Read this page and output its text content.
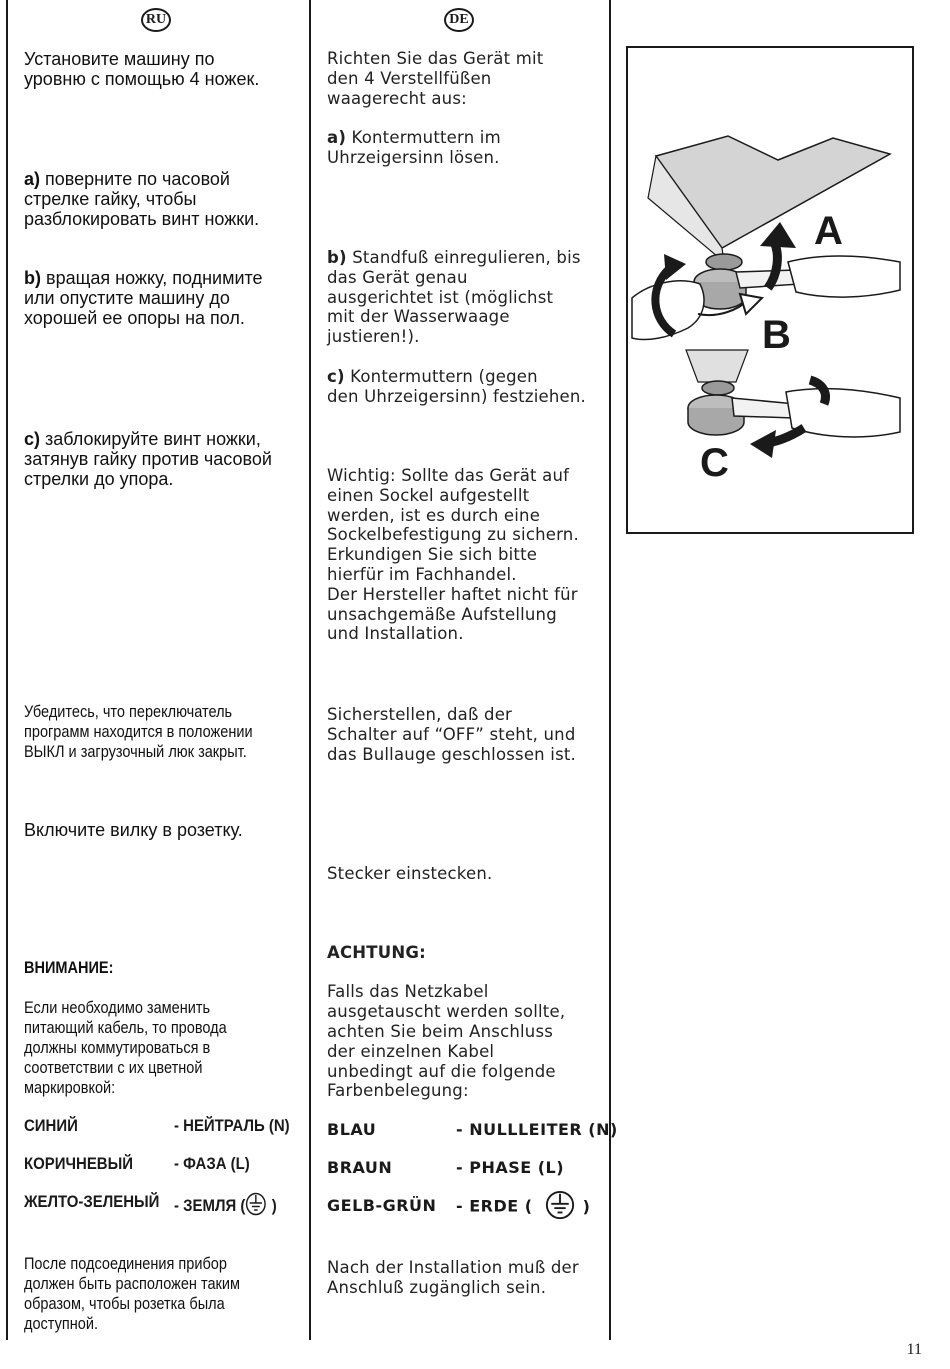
RU	DE
Установите машину по
уровню с помощью 4 ножек.
a) поверните по часовой
стрелке гайку, чтобы
разблокировать винт ножки.
b) вращая ножку, поднимите
или опустите машину до
хорошей ее опоры на пол.
c) заблокируйте винт ножки,
затянув гайку против часовой
стрелки до упора.
Убедитесь, что переключатель
программ находится в положении
ВЫКЛ и загрузочный люк закрыт.
Включите вилку в розетку.

ВНИМАНИЕ:

Если необходимо заменить
питающий кабель, то провода
должны коммутироваться в
соответствии с их цветной
маркировкой:

СИНИЙ	- НЕЙТРАЛЬ (N)
КОРИЧНЕВЫЙ - ФАЗА (L)
ЖЕЛТО-ЗЕЛЕНЫЙ - ЗЕМЛЯ ( )
После подсоединения прибор
должен быть расположен таким
образом, чтобы розетка была
доступной.
Richten Sie das Gerät mit
den 4 Verstellfüßen
waagerecht aus:
a) Kontermuttern im
Uhrzeigersinn lösen.
b) Standfuß einregulieren, bis
das Gerät genau
ausgerichtet ist (möglichst
mit der Wasserwaage
justieren!).
c) Kontermuttern (gegen
den Uhrzeigersinn) festziehen.
Wichtig: Sollte das Gerät auf
einen Sockel aufgestellt
werden, ist es durch eine
Sockelbefestigung zu sichern.
Erkundigen Sie sich bitte
hierfür im Fachhandel.
Der Hersteller haftet nicht für
unsachgemäße Aufstellung
und Installation.
Sicherstellen, daß der
Schalter auf “OFF” steht, und
das Bullauge geschlossen ist.
Stecker einstecken.

ACHTUNG:

Falls das Netzkabel
ausgetauscht werden sollte,
achten Sie beim Anschluss
der einzelnen Kabel
unbedingt auf die folgende
Farbenbelegung:

BLAU	- NULLLEITER (N)
BRAUN	- PHASE (L)
GELB-GRÜN - ERDE (	)
Nach der Installation muß der
Anschluß zugänglich sein.
A
B
C
11
